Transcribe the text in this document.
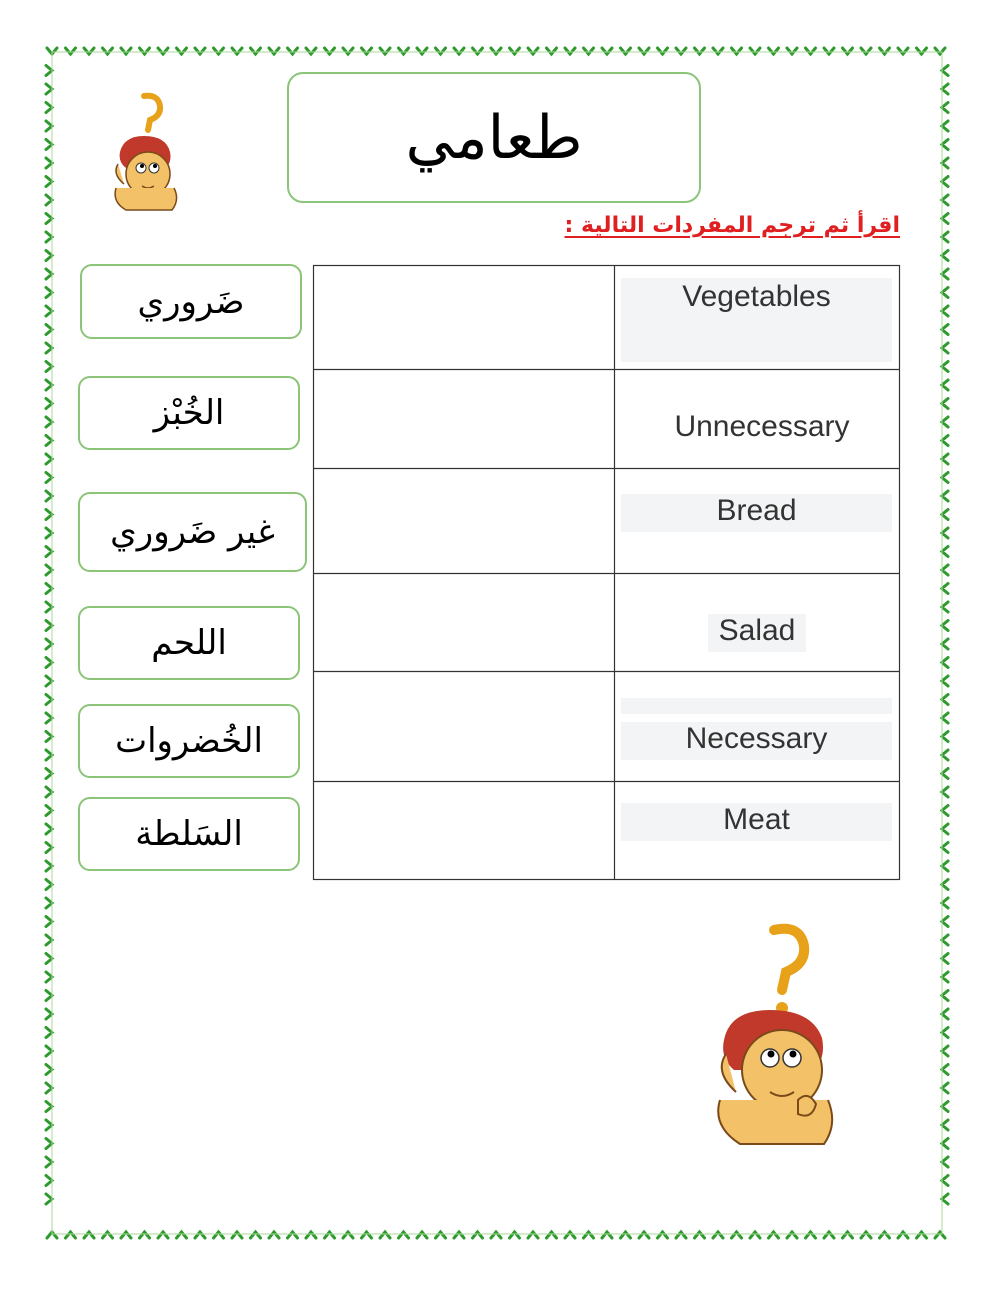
طعامي
اقرأ ثم ترجم المفردات التالية :
ضَروري
الخُبْز
غير ضَروري
اللحم
الخُضروات
السَلطة
Vegetables
Unnecessary
Bread
Salad
Necessary
Meat
